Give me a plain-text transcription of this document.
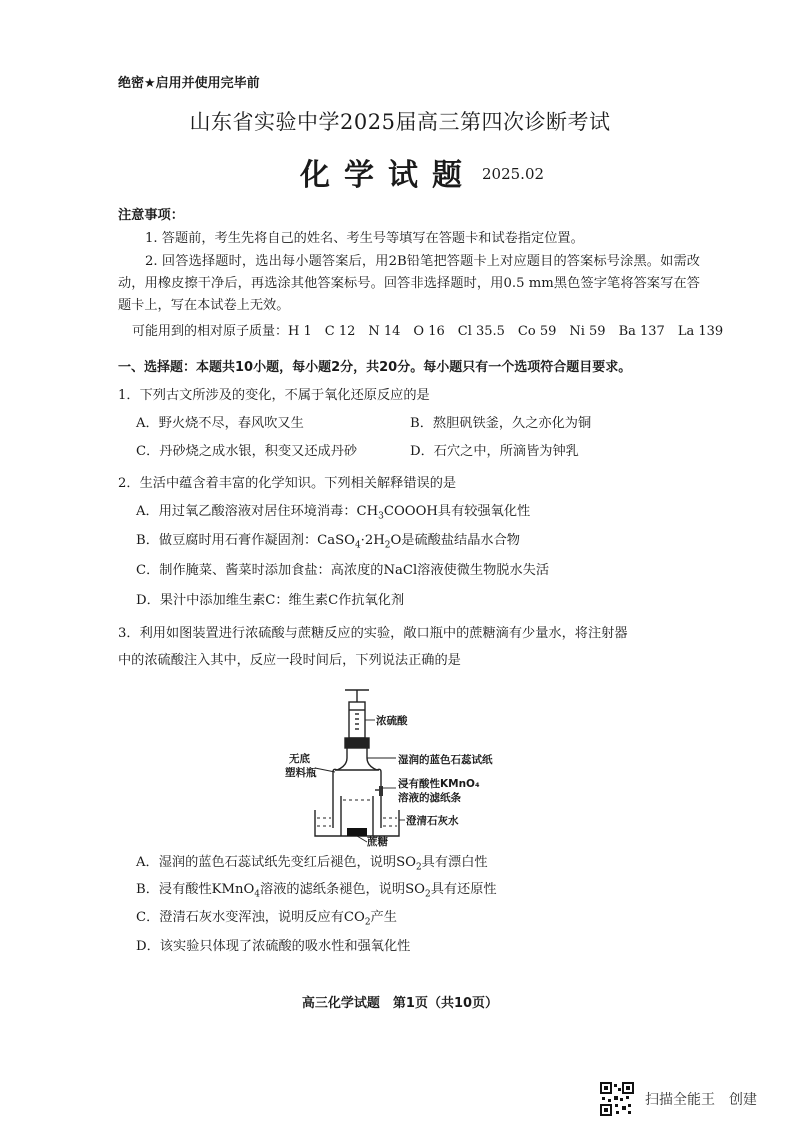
绝密★启用并使用完毕前
山东省实验中学2025届高三第四次诊断考试
化学试题 2025.02
注意事项：
1. 答题前，考生先将自己的姓名、考生号等填写在答题卡和试卷指定位置。
2. 回答选择题时，选出每小题答案后，用2B铅笔把答题卡上对应题目的答案标号涂黑。如需改动，用橡皮擦干净后，再选涂其他答案标号。回答非选择题时，用0.5 mm黑色签字笔将答案写在答题卡上，写在本试卷上无效。
可能用到的相对原子质量：H 1　C 12　N 14　O 16　Cl 35.5　Co 59　Ni 59　Ba 137　La 139
一、选择题：本题共10小题，每小题2分，共20分。每小题只有一个选项符合题目要求。
1．下列古文所涉及的变化，不属于氧化还原反应的是
A．野火烧不尽，春风吹又生	B．熬胆矾铁釜，久之亦化为铜
C．丹砂烧之成水银，积变又还成丹砂	D．石穴之中，所滴皆为钟乳
2．生活中蕴含着丰富的化学知识。下列相关解释错误的是
A．用过氧乙酸溶液对居住环境消毒：$CH_3COOOH$具有较强氧化性
B．做豆腐时用石膏作凝固剂：$CaSO_4\cdot 2H_2O$是硫酸盐结晶水合物
C．制作腌菜、酱菜时添加食盐：高浓度的NaCl溶液使微生物脱水失活
D．果汁中添加维生素C：维生素C作抗氧化剂
3．利用如图装置进行浓硫酸与蔗糖反应的实验，敞口瓶中的蔗糖滴有少量水，将注射器
中的浓硫酸注入其中，反应一段时间后，下列说法正确的是
浓硫酸
无底
塑料瓶
湿润的蓝色石蕊试纸
浸有酸性KMnO₄
溶液的滤纸条
澄清石灰水
蔗糖
A．湿润的蓝色石蕊试纸先变红后褪色，说明$SO_2$具有漂白性
B．浸有酸性KMnO$_4$溶液的滤纸条褪色，说明$SO_2$具有还原性
C．澄清石灰水变浑浊，说明反应有$CO_2$产生
D．该实验只体现了浓硫酸的吸水性和强氧化性
高三化学试题　第1页（共10页）
扫描全能王　创建
